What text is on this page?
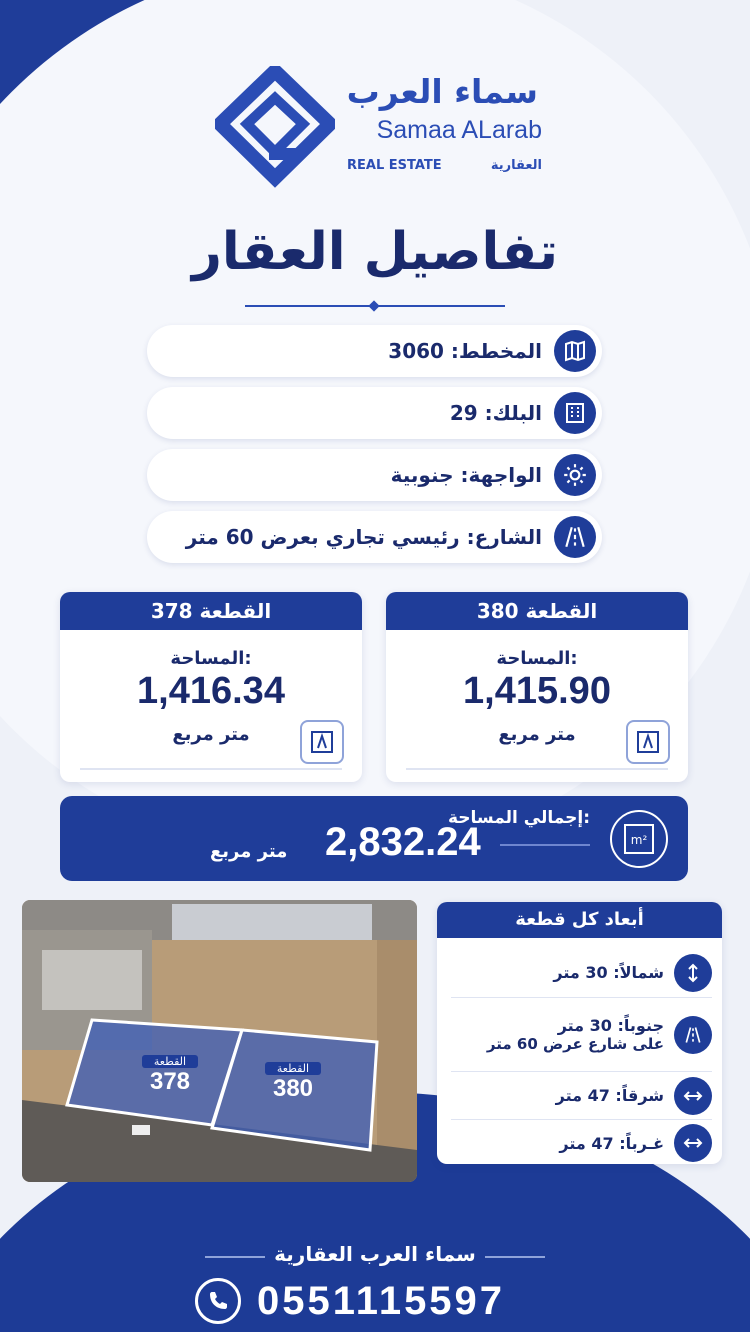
سماء العرب
Samaa ALarab
REAL ESTATE	العقارية
تفاصيل العقار
المخطط: 3060
البلك: 29
الواجهة: جنوبية
الشارع: رئيسي تجاري بعرض 60 متر
القطعة 380
المساحة:
1,415.90
متر مربع
القطعة 378
المساحة:
1,416.34
متر مربع
إجمالي المساحة:
2,832.24
متر مربع
m²
القطعة
378	القطعة
380
أبعاد كل قطعة
شمالاً: 30 متر
جنوباً: 30 متر
على شارع عرض 60 متر
شرقاً: 47 متر
غـرباً: 47 متر
سماء العرب العقارية
0551115597
